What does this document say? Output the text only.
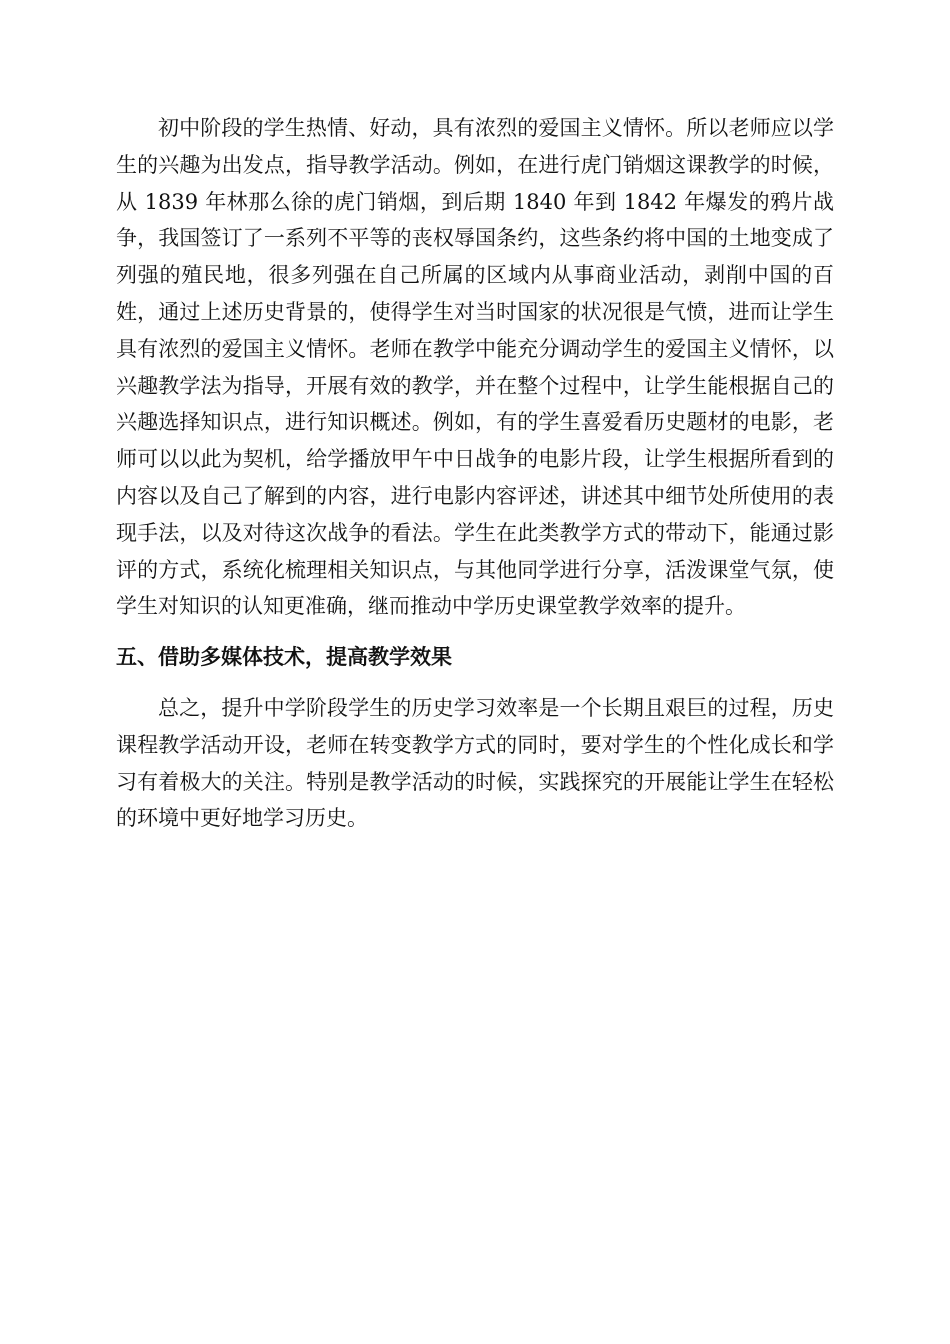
初中阶段的学生热情、好动，具有浓烈的爱国主义情怀。所以老师应以学生的兴趣为出发点，指导教学活动。例如，在进行虎门销烟这课教学的时候，从 1839 年林那么徐的虎门销烟，到后期 1840 年到 1842 年爆发的鸦片战争，我国签订了一系列不平等的丧权辱国条约，这些条约将中国的土地变成了列强的殖民地，很多列强在自己所属的区域内从事商业活动，剥削中国的百姓，通过上述历史背景的，使得学生对当时国家的状况很是气愤，进而让学生具有浓烈的爱国主义情怀。老师在教学中能充分调动学生的爱国主义情怀，以兴趣教学法为指导，开展有效的教学，并在整个过程中，让学生能根据自己的兴趣选择知识点，进行知识概述。例如，有的学生喜爱看历史题材的电影，老师可以以此为契机，给学播放甲午中日战争的电影片段，让学生根据所看到的内容以及自己了解到的内容，进行电影内容评述，讲述其中细节处所使用的表现手法，以及对待这次战争的看法。学生在此类教学方式的带动下，能通过影评的方式，系统化梳理相关知识点，与其他同学进行分享，活泼课堂气氛，使学生对知识的认知更准确，继而推动中学历史课堂教学效率的提升。

五、借助多媒体技术，提高教学效果

总之，提升中学阶段学生的历史学习效率是一个长期且艰巨的过程，历史课程教学活动开设，老师在转变教学方式的同时，要对学生的个性化成长和学习有着极大的关注。特别是教学活动的时候，实践探究的开展能让学生在轻松的环境中更好地学习历史。
